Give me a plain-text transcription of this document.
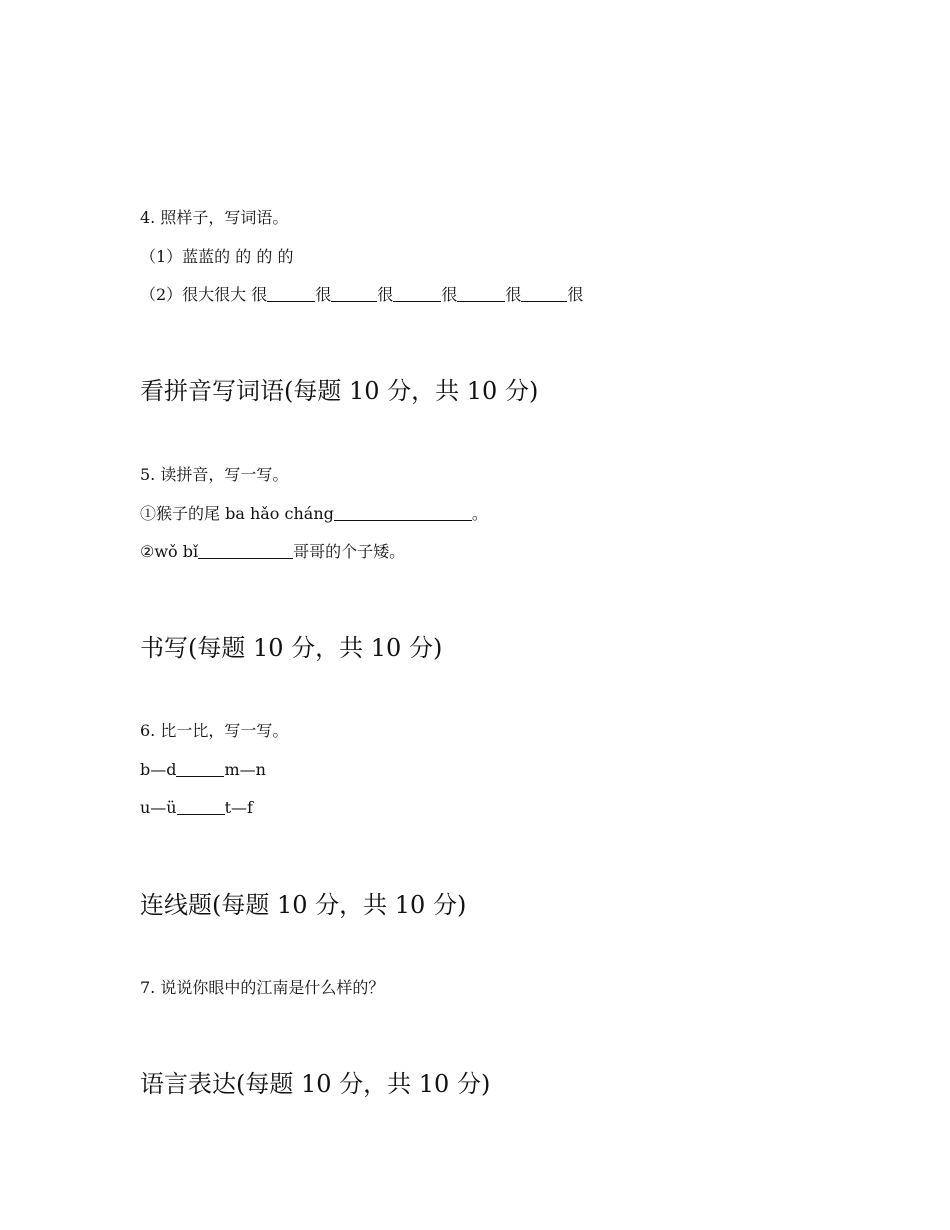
4. 照样子，写词语。
（1）蓝蓝的 的 的 的
（2）很大很大 很	很	很	很	很	很
看拼音写词语(每题 10 分，共 10 分)
5. 读拼音，写一写。
①猴子的尾 ba hǎo cháng	。
②wǒ bǐ	哥哥的个子矮。
书写(每题 10 分，共 10 分)
6. 比一比，写一写。
b—d	m—n
u—ü	t—f
连线题(每题 10 分，共 10 分)
7. 说说你眼中的江南是什么样的？
语言表达(每题 10 分，共 10 分)
